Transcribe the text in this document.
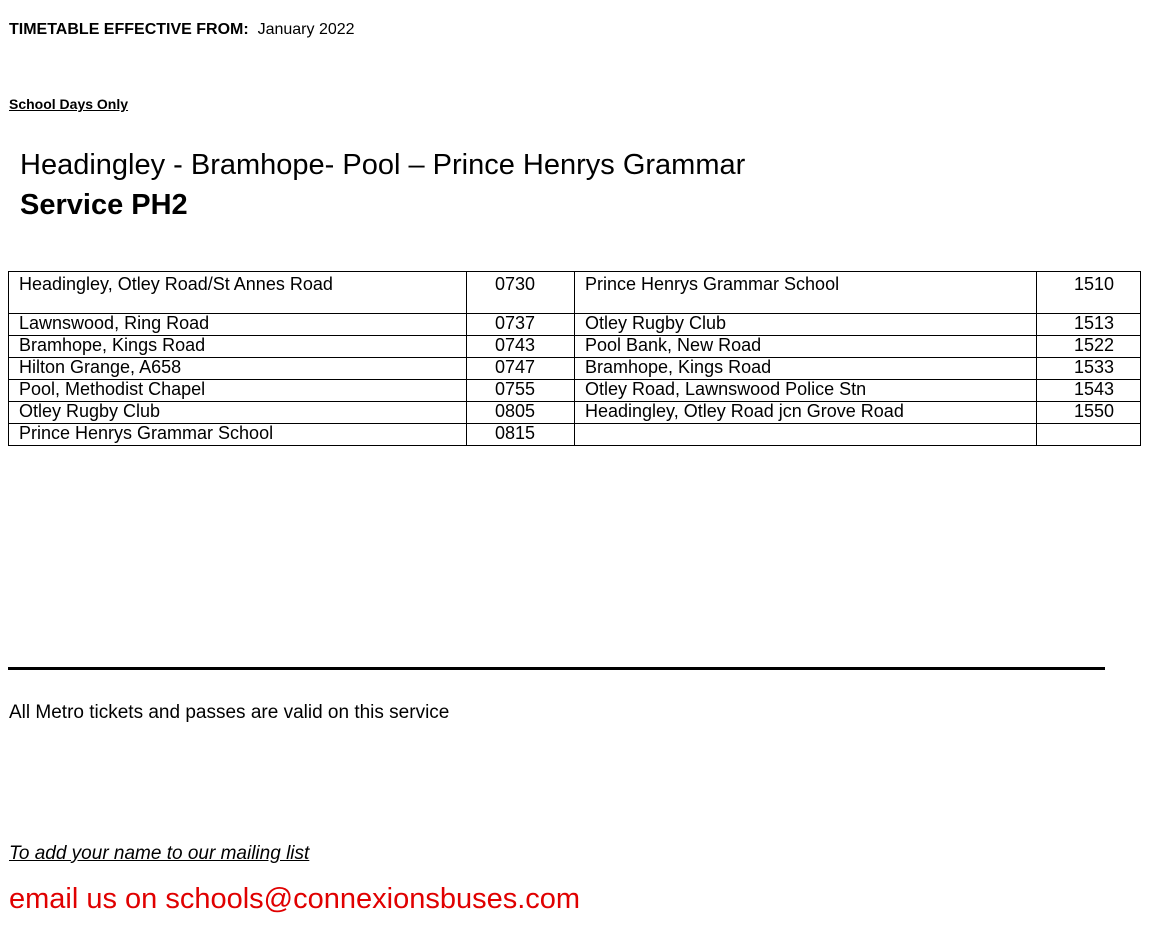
TIMETABLE EFFECTIVE FROM: January 2022
School Days Only
Headingley - Bramhope- Pool – Prince Henrys Grammar
Service PH2
Headingley, Otley Road/St Annes Road	0730	Prince Henrys Grammar School	1510
Lawnswood, Ring Road	0737	Otley Rugby Club	1513
Bramhope, Kings Road	0743	Pool Bank, New Road	1522
Hilton Grange, A658	0747	Bramhope, Kings Road	1533
Pool, Methodist Chapel	0755	Otley Road, Lawnswood Police Stn	1543
Otley Rugby Club	0805	Headingley, Otley Road jcn Grove Road	1550
Prince Henrys Grammar School	0815		
All Metro tickets and passes are valid on this service
To add your name to our mailing list
email us on schools@connexionsbuses.com
